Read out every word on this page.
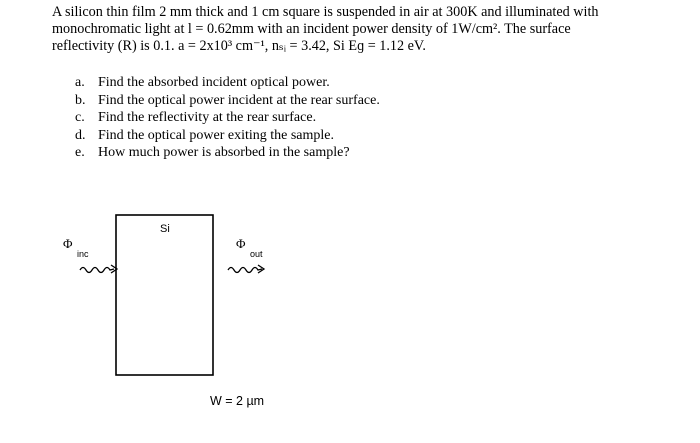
A silicon thin film 2 mm thick and 1 cm square is suspended in air at 300K and illuminated with
monochromatic light at l = 0.62mm with an incident power density of 1W/cm². The surface
reflectivity (R) is 0.1. a = 2x10³ cm⁻¹, nₛᵢ = 3.42, Si Eɡ = 1.12 eV.
a. Find the absorbed incident optical power.
b. Find the optical power incident at the rear surface.
c. Find the reflectivity at the rear surface.
d. Find the optical power exiting the sample.
e. How much power is absorbed in the sample?
Si
Φ
inc
Φ
out
W = 2 µm
